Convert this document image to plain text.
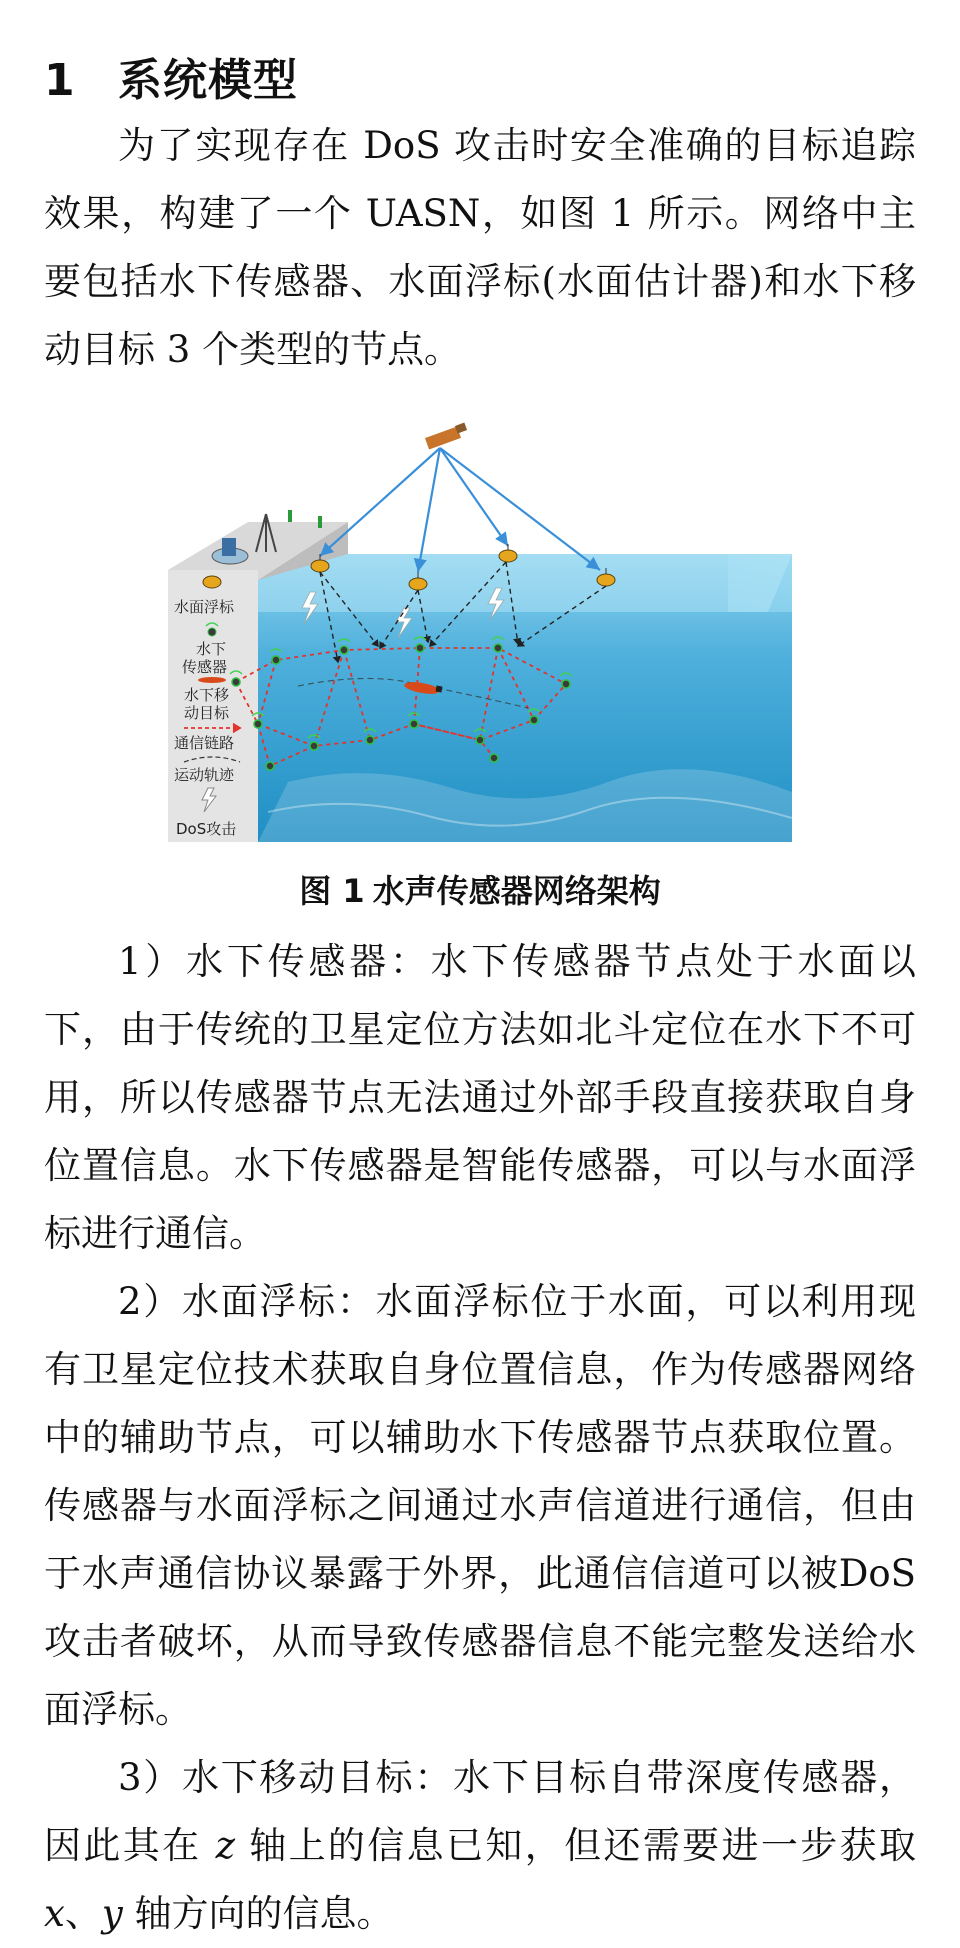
1 系统模型

为了实现存在 DoS 攻击时安全准确的目标追踪效果，构建了一个 UASN，如图 1 所示。网络中主要包括水下传感器、水面浮标(水面估计器)和水下移动目标 3 个类型的节点。

水面浮标
水下
传感器
水下移
动目标
通信链路
运动轨迹
DoS攻击
图 1 水声传感器网络架构

1）水下传感器：水下传感器节点处于水面以下，由于传统的卫星定位方法如北斗定位在水下不可用，所以传感器节点无法通过外部手段直接获取自身位置信息。水下传感器是智能传感器，可以与水面浮标进行通信。

2）水面浮标：水面浮标位于水面，可以利用现有卫星定位技术获取自身位置信息，作为传感器网络中的辅助节点，可以辅助水下传感器节点获取位置。传感器与水面浮标之间通过水声信道进行通信，但由于水声通信协议暴露于外界，此通信信道可以被DoS攻击者破坏，从而导致传感器信息不能完整发送给水面浮标。

3）水下移动目标：水下目标自带深度传感器，因此其在 z 轴上的信息已知，但还需要进一步获取 x、y 轴方向的信息。
